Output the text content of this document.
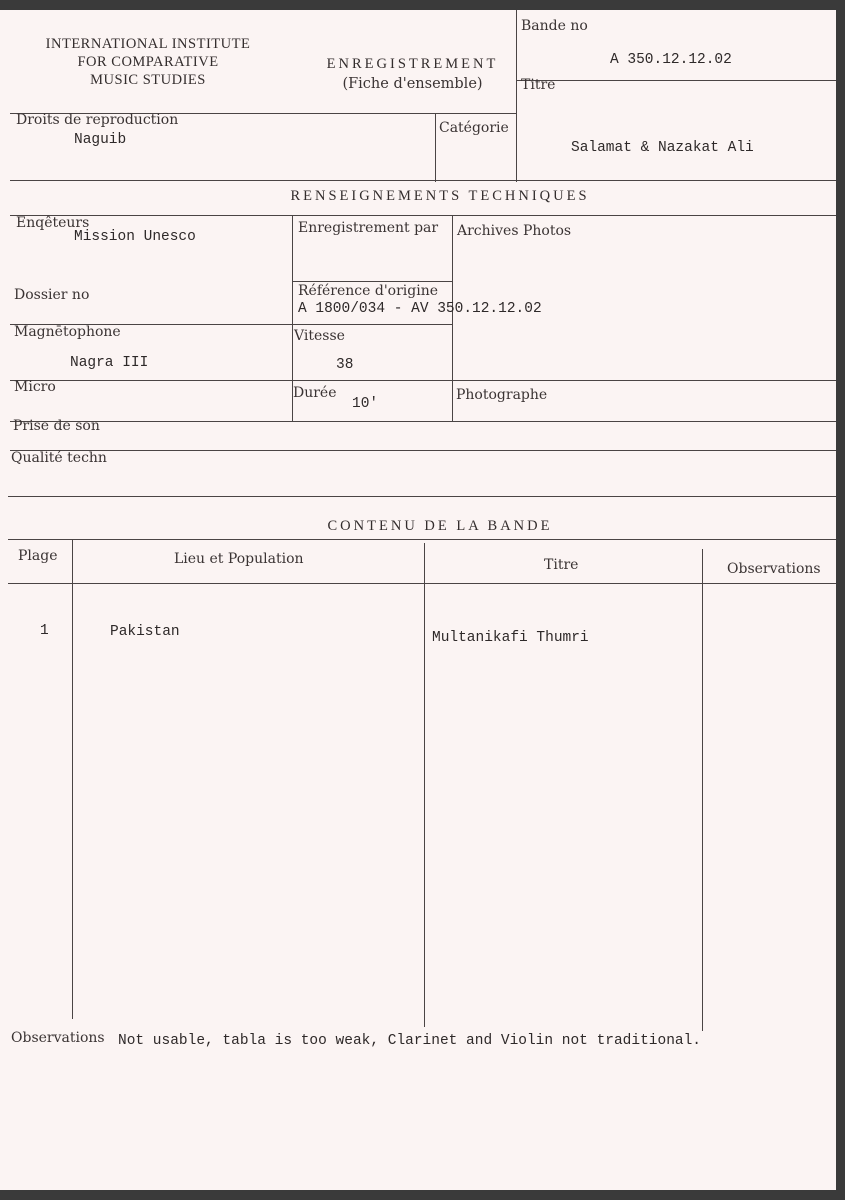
INTERNATIONAL INSTITUTE
FOR COMPARATIVE
MUSIC STUDIES
ENREGISTREMENT
(Fiche d'ensemble)
Bande no
A 350.12.12.02
Titre
Salamat & Nazakat Ali
Droits de reproduction
Naguib
Catégorie
RENSEIGNEMENTS TECHNIQUES
Enqêteurs
Mission Unesco
Enregistrement par Archives Photos
Dossier no	Référence d'origine
A 1800/034 - AV 350.12.12.02
Magnētophone
Nagra III
Vitesse
38
Micro	Durée
10'
Photographe
Prise de son
Qualité techn
CONTENU DE LA BANDE
Plage	Lieu et Population	Titre	Observations
1	Pakistan	Multanikafi Thumri
Observations Not usable, tabla is too weak, Clarinet and Violin not traditional.
